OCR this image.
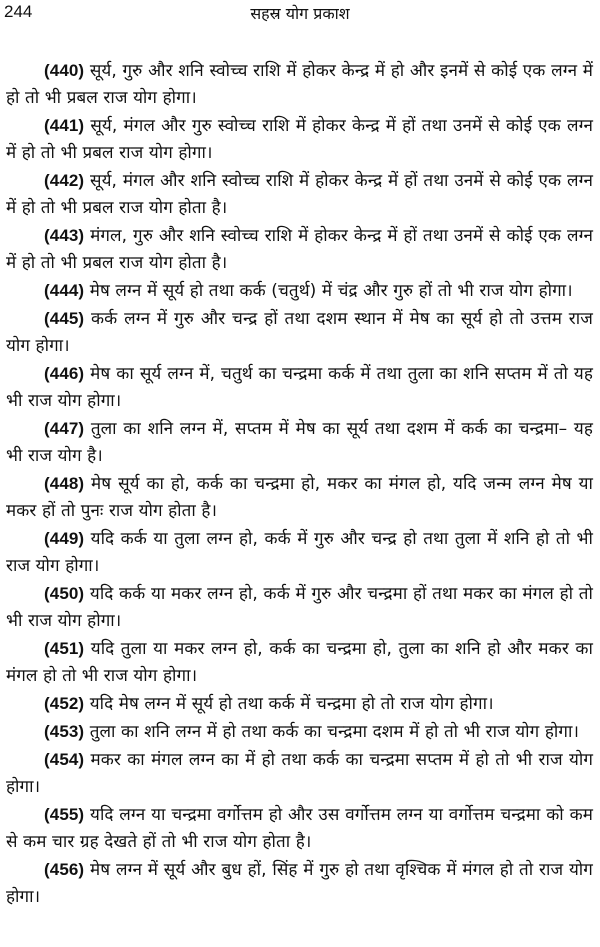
244	सहस्र योग प्रकाश

(440) सूर्य, गुरु और शनि स्वोच्च राशि में होकर केन्द्र में हो और इनमें से कोई एक लग्न में हो तो भी प्रबल राज योग होगा।

(441) सूर्य, मंगल और गुरु स्वोच्च राशि में होकर केन्द्र में हों तथा उनमें से कोई एक लग्न में हो तो भी प्रबल राज योग होगा।

(442) सूर्य, मंगल और शनि स्वोच्च राशि में होकर केन्द्र में हों तथा उनमें से कोई एक लग्न में हो तो भी प्रबल राज योग होता है।

(443) मंगल, गुरु और शनि स्वोच्च राशि में होकर केन्द्र में हों तथा उनमें से कोई एक लग्न में हो तो भी प्रबल राज योग होता है।

(444) मेष लग्न में सूर्य हो तथा कर्क (चतुर्थ) में चंद्र और गुरु हों तो भी राज योग होगा।

(445) कर्क लग्न में गुरु और चन्द्र हों तथा दशम स्थान में मेष का सूर्य हो तो उत्तम राज योग होगा।

(446) मेष का सूर्य लग्न में, चतुर्थ का चन्द्रमा कर्क में तथा तुला का शनि सप्तम में तो यह भी राज योग होगा।

(447) तुला का शनि लग्न में, सप्तम में मेष का सूर्य तथा दशम में कर्क का चन्द्रमा– यह भी राज योग है।

(448) मेष सूर्य का हो, कर्क का चन्द्रमा हो, मकर का मंगल हो, यदि जन्म लग्न मेष या मकर हों तो पुनः राज योग होता है।

(449) यदि कर्क या तुला लग्न हो, कर्क में गुरु और चन्द्र हो तथा तुला में शनि हो तो भी राज योग होगा।

(450) यदि कर्क या मकर लग्न हो, कर्क में गुरु और चन्द्रमा हों तथा मकर का मंगल हो तो भी राज योग होगा।

(451) यदि तुला या मकर लग्न हो, कर्क का चन्द्रमा हो, तुला का शनि हो और मकर का मंगल हो तो भी राज योग होगा।

(452) यदि मेष लग्न में सूर्य हो तथा कर्क में चन्द्रमा हो तो राज योग होगा।

(453) तुला का शनि लग्न में हो तथा कर्क का चन्द्रमा दशम में हो तो भी राज योग होगा।

(454) मकर का मंगल लग्न का में हो तथा कर्क का चन्द्रमा सप्तम में हो तो भी राज योग होगा।

(455) यदि लग्न या चन्द्रमा वर्गोत्तम हो और उस वर्गोत्तम लग्न या वर्गोत्तम चन्द्रमा को कम से कम चार ग्रह देखते हों तो भी राज योग होता है।

(456) मेष लग्न में सूर्य और बुध हों, सिंह में गुरु हो तथा वृश्चिक में मंगल हो तो राज योग होगा।
